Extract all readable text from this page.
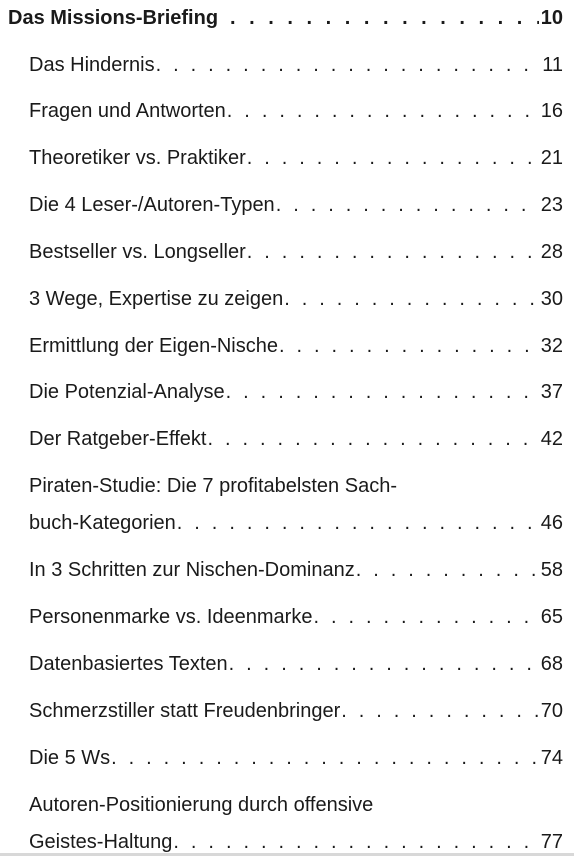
Das Missions-Briefing . . .	10
Das Hindernis . . .	11
Fragen und Antworten . . .	16
Theoretiker vs. Praktiker . . .	21
Die 4 Leser-/Autoren-Typen . . .	23
Bestseller vs. Longseller . . .	28
3 Wege, Expertise zu zeigen . . .	30
Ermittlung der Eigen-Nische . . .	32
Die Potenzial-Analyse . . .	37
Der Ratgeber-Effekt . . .	42
Piraten-Studie: Die 7 profitabelsten Sach-
buch-Kategorien . . .	46
In 3 Schritten zur Nischen-Dominanz . . .	58
Personenmarke vs. Ideenmarke . . .	65
Datenbasiertes Texten . . .	68
Schmerzstiller statt Freudenbringer . . .	70
Die 5 Ws . . .	74
Autoren-Positionierung durch offensive
Geistes-Haltung . . .	77
